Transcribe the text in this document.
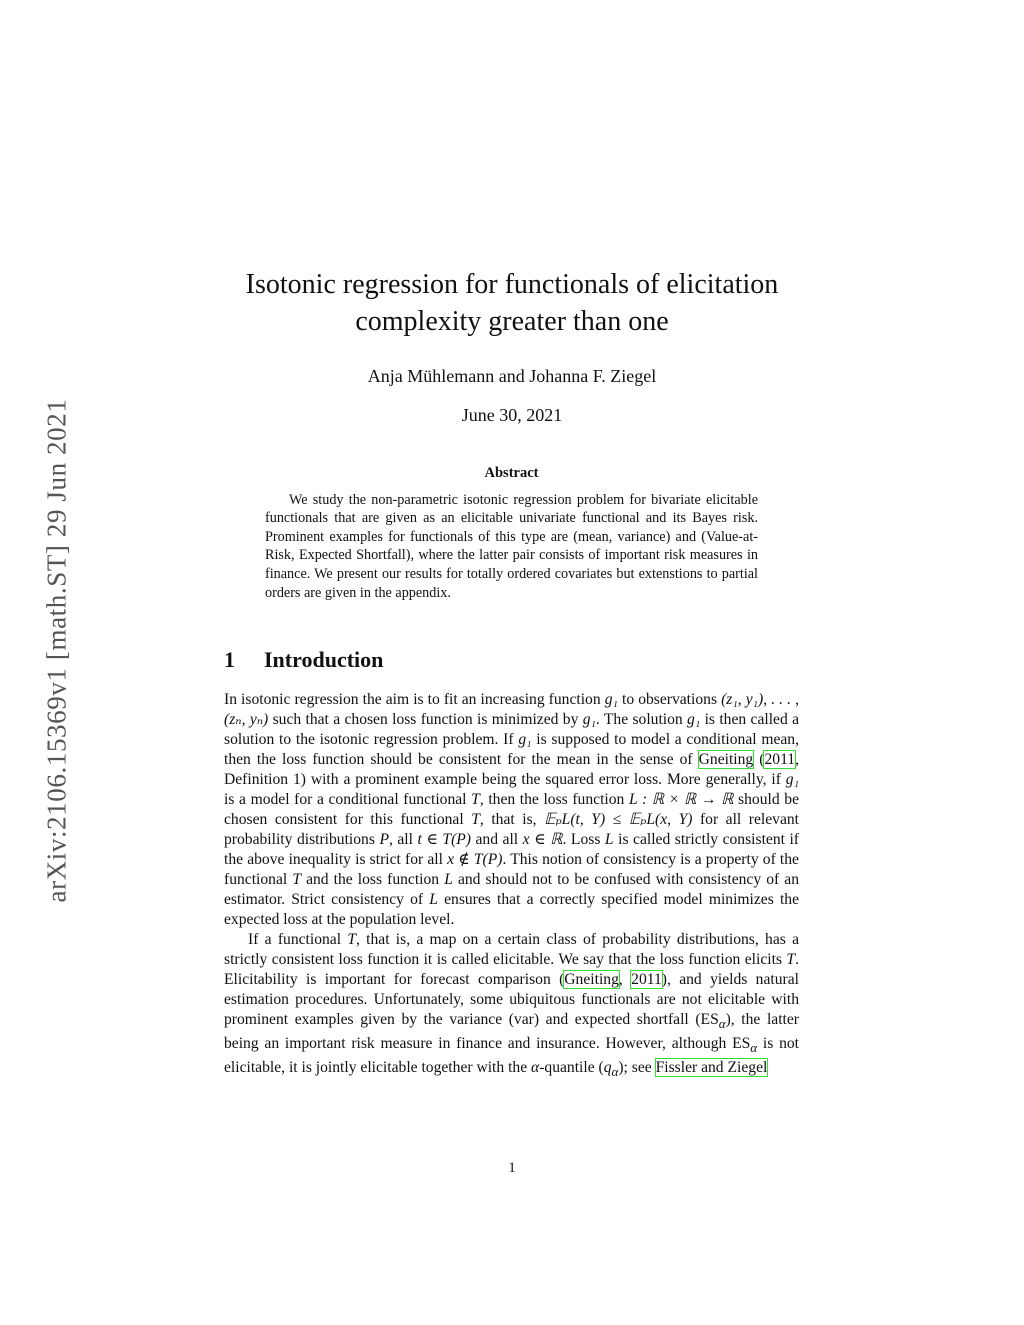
arXiv:2106.15369v1 [math.ST] 29 Jun 2021
Isotonic regression for functionals of elicitation
complexity greater than one
Anja Mühlemann and Johanna F. Ziegel
June 30, 2021
Abstract

We study the non-parametric isotonic regression problem for bivariate elicitable functionals that are given as an elicitable univariate functional and its Bayes risk. Prominent examples for functionals of this type are (mean, variance) and (Value-at-Risk, Expected Shortfall), where the latter pair consists of important risk measures in finance. We present our results for totally ordered covariates but extenstions to partial orders are given in the appendix.

1 Introduction

In isotonic regression the aim is to fit an increasing function g₁ to observations (z₁, y₁), . . . , (zₙ, yₙ) such that a chosen loss function is minimized by g₁. The solution g₁ is then called a solution to the isotonic regression problem. If g₁ is supposed to model a conditional mean, then the loss function should be consistent for the mean in the sense of Gneiting (2011, Definition 1) with a prominent example being the squared error loss. More generally, if g₁ is a model for a conditional functional T, then the loss function L : ℝ × ℝ → ℝ should be chosen consistent for this functional T, that is, 𝔼ₚL(t, Y) ≤ 𝔼ₚL(x, Y) for all relevant probability distributions P, all t ∈ T(P) and all x ∈ ℝ. Loss L is called strictly consistent if the above inequality is strict for all x ∉ T(P). This notion of consistency is a property of the functional T and the loss function L and should not to be confused with consistency of an estimator. Strict consistency of L ensures that a correctly specified model minimizes the expected loss at the population level.

If a functional T, that is, a map on a certain class of probability distributions, has a strictly consistent loss function it is called elicitable. We say that the loss function elicits T. Elicitability is important for forecast comparison (Gneiting, 2011), and yields natural estimation procedures. Unfortunately, some ubiquitous functionals are not elicitable with prominent examples given by the variance (var) and expected shortfall $(ES_\alpha)$, the latter being an important risk measure in finance and insurance. However, although $ES_\alpha$ is not elicitable, it is jointly elicitable together with the α-quantile $(q_\alpha)$; see Fissler and Ziegel

1
